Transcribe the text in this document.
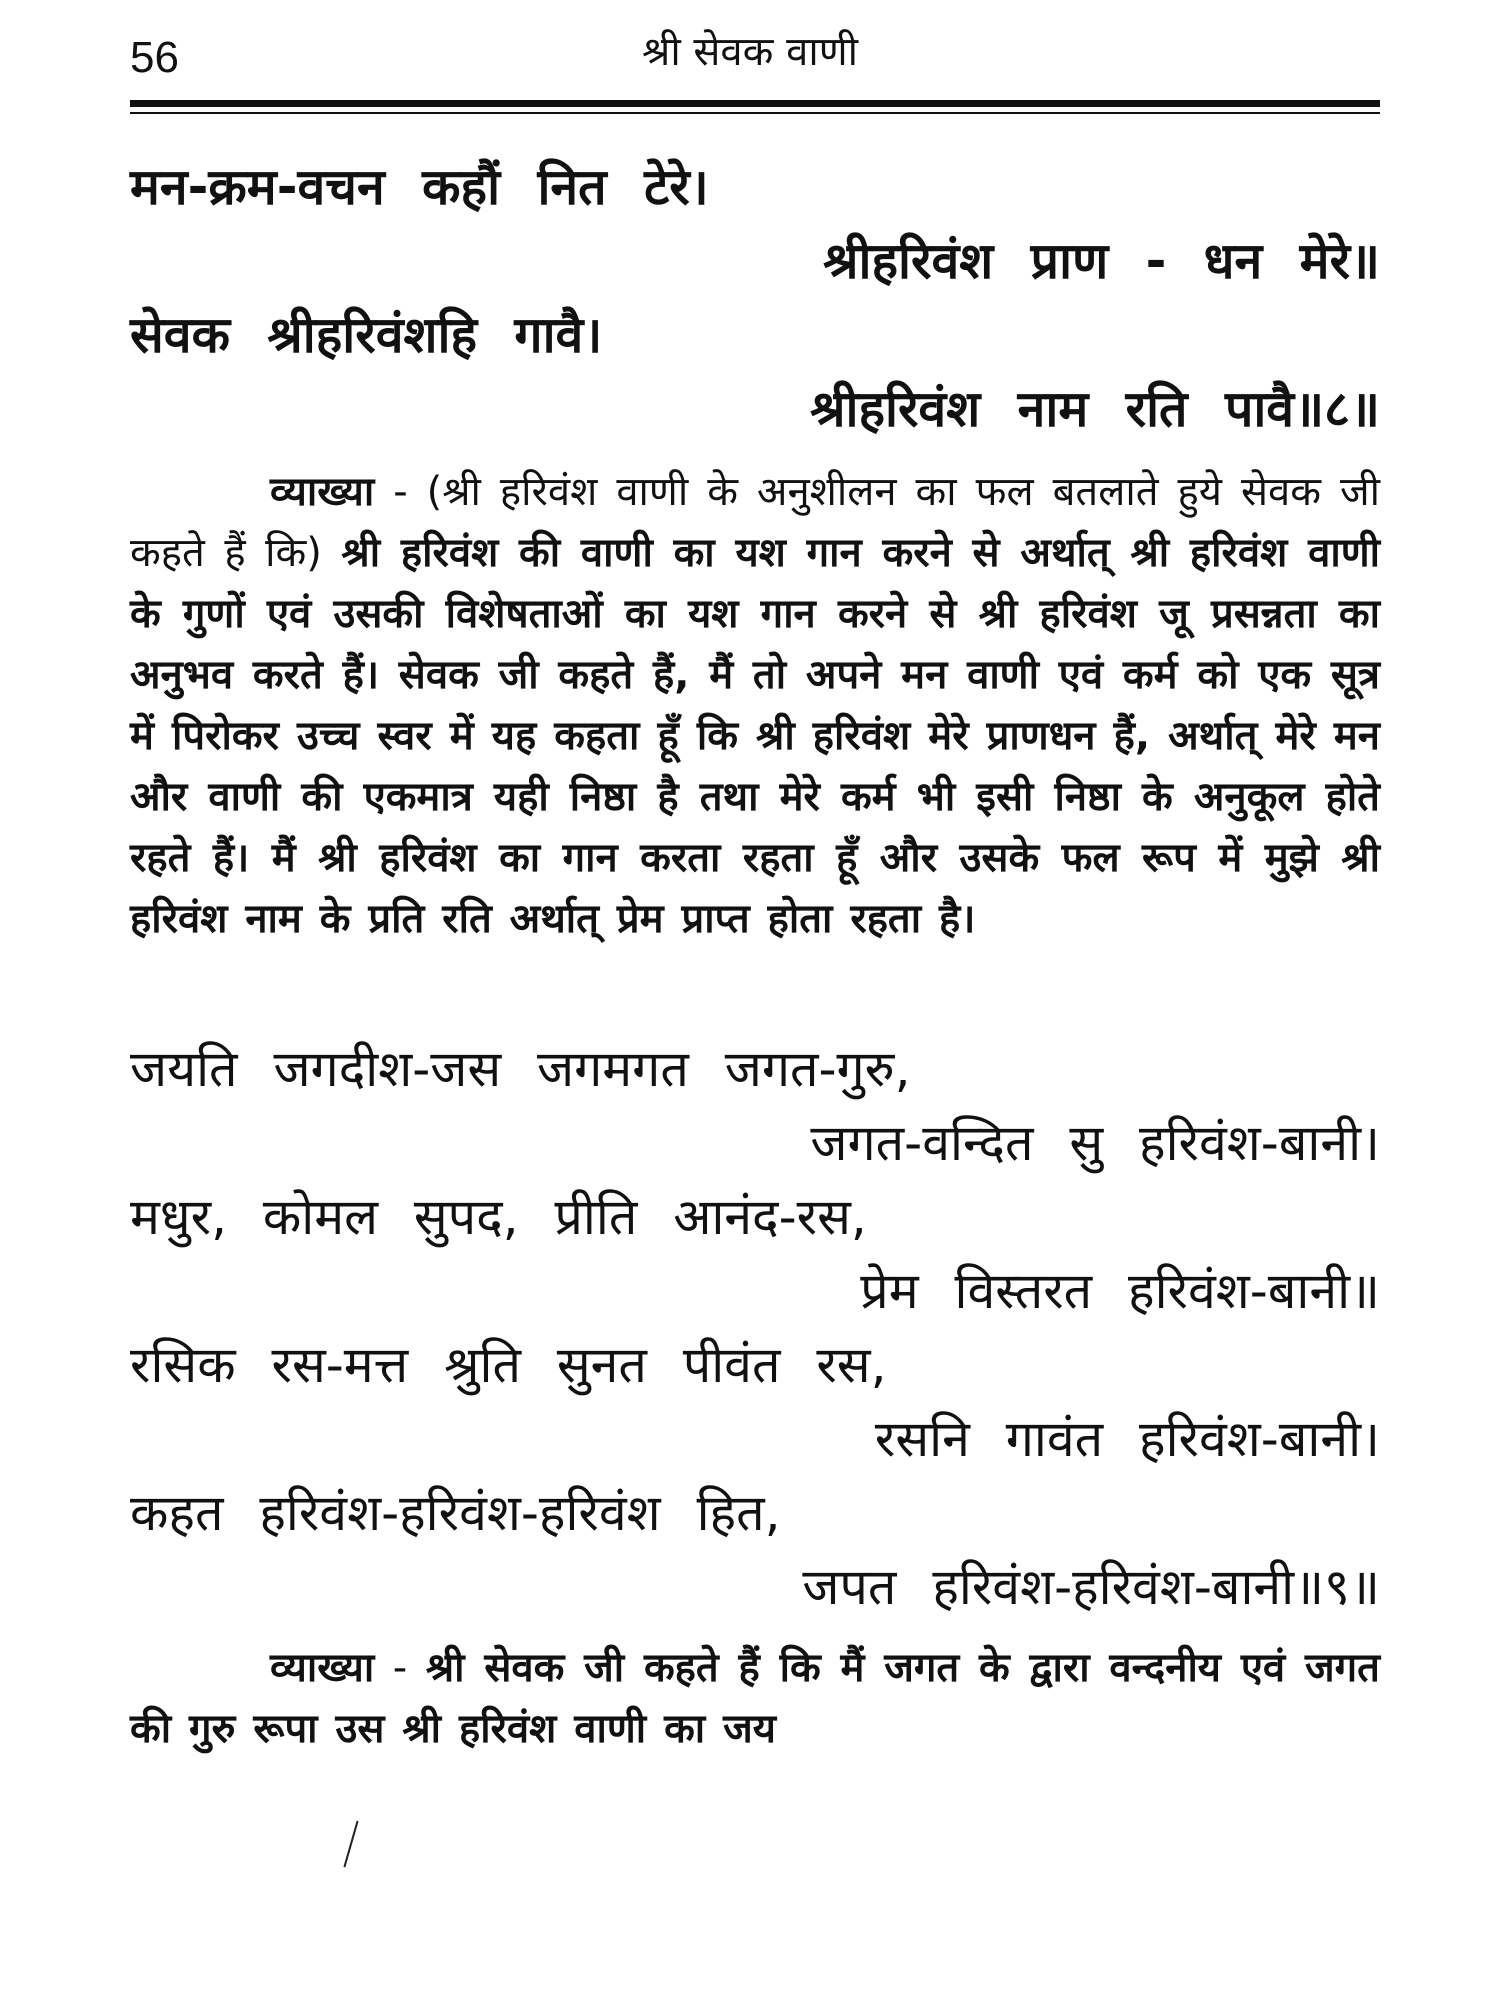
56	श्री सेवक वाणी
मन-क्रम-वचन कहौं नित टेरे।
श्रीहरिवंश प्राण - धन मेरे॥
सेवक श्रीहरिवंशहि गावै।
श्रीहरिवंश नाम रति पावै॥८॥

व्याख्या - (श्री हरिवंश वाणी के अनुशीलन का फल बतलाते हुये सेवक जी कहते हैं कि) श्री हरिवंश की वाणी का यश गान करने से अर्थात् श्री हरिवंश वाणी के गुणों एवं उसकी विशेषताओं का यश गान करने से श्री हरिवंश जू प्रसन्नता का अनुभव करते हैं। सेवक जी कहते हैं, मैं तो अपने मन वाणी एवं कर्म को एक सूत्र में पिरोकर उच्च स्वर में यह कहता हूँ कि श्री हरिवंश मेरे प्राणधन हैं, अर्थात् मेरे मन और वाणी की एकमात्र यही निष्ठा है तथा मेरे कर्म भी इसी निष्ठा के अनुकूल होते रहते हैं। मैं श्री हरिवंश का गान करता रहता हूँ और उसके फल रूप में मुझे श्री हरिवंश नाम के प्रति रति अर्थात् प्रेम प्राप्त होता रहता है।

जयति जगदीश-जस जगमगत जगत-गुरु,
जगत-वन्दित सु हरिवंश-बानी।
मधुर, कोमल सुपद, प्रीति आनंद-रस,
प्रेम विस्तरत हरिवंश-बानी॥
रसिक रस-मत्त श्रुति सुनत पीवंत रस,
रसनि गावंत हरिवंश-बानी।
कहत हरिवंश-हरिवंश-हरिवंश हित,
जपत हरिवंश-हरिवंश-बानी॥९॥

व्याख्या - श्री सेवक जी कहते हैं कि मैं जगत के द्वारा वन्दनीय एवं जगत की गुरु रूपा उस श्री हरिवंश वाणी का जय
